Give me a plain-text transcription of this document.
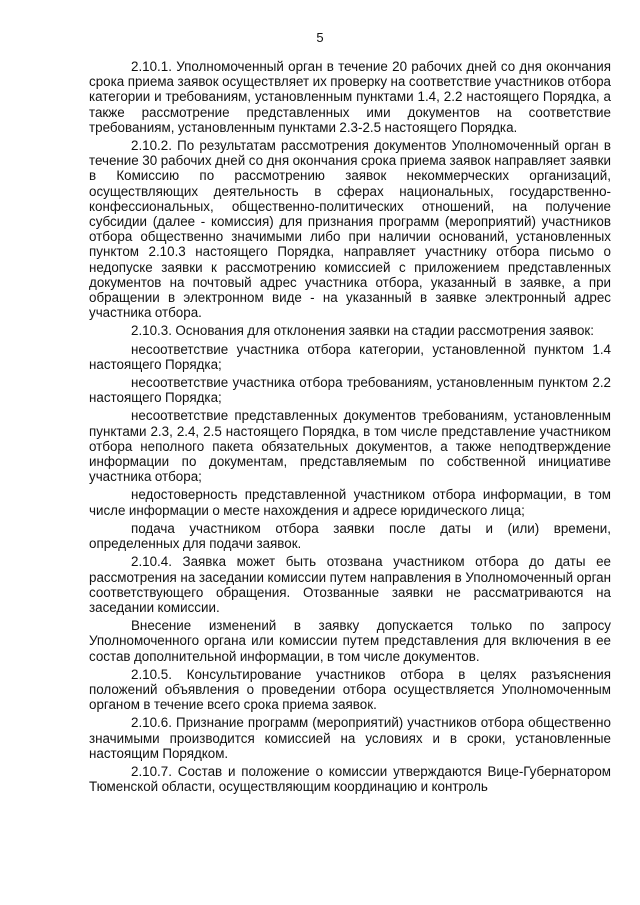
5

2.10.1. Уполномоченный орган в течение 20 рабочих дней со дня окончания срока приема заявок осуществляет их проверку на соответствие участников отбора категории и требованиям, установленным пунктами 1.4, 2.2 настоящего Порядка, а также рассмотрение представленных ими документов на соответствие требованиям, установленным пунктами 2.3-2.5 настоящего Порядка.

2.10.2. По результатам рассмотрения документов Уполномоченный орган в течение 30 рабочих дней со дня окончания срока приема заявок направляет заявки в Комиссию по рассмотрению заявок некоммерческих организаций, осуществляющих деятельность в сферах национальных, государственно-конфессиональных, общественно-политических отношений, на получение субсидии (далее - комиссия) для признания программ (мероприятий) участников отбора общественно значимыми либо при наличии оснований, установленных пунктом 2.10.3 настоящего Порядка, направляет участнику отбора письмо о недопуске заявки к рассмотрению комиссией с приложением представленных документов на почтовый адрес участника отбора, указанный в заявке, а при обращении в электронном виде - на указанный в заявке электронный адрес участника отбора.

2.10.3. Основания для отклонения заявки на стадии рассмотрения заявок:

несоответствие участника отбора категории, установленной пунктом 1.4 настоящего Порядка;

несоответствие участника отбора требованиям, установленным пунктом 2.2 настоящего Порядка;

несоответствие представленных документов требованиям, установленным пунктами 2.3, 2.4, 2.5 настоящего Порядка, в том числе представление участником отбора неполного пакета обязательных документов, а также неподтверждение информации по документам, представляемым по собственной инициативе участника отбора;

недостоверность представленной участником отбора информации, в том числе информации о месте нахождения и адресе юридического лица;

подача участником отбора заявки после даты и (или) времени, определенных для подачи заявок.

2.10.4. Заявка может быть отозвана участником отбора до даты ее рассмотрения на заседании комиссии путем направления в Уполномоченный орган соответствующего обращения. Отозванные заявки не рассматриваются на заседании комиссии.

Внесение изменений в заявку допускается только по запросу Уполномоченного органа или комиссии путем представления для включения в ее состав дополнительной информации, в том числе документов.

2.10.5. Консультирование участников отбора в целях разъяснения положений объявления о проведении отбора осуществляется Уполномоченным органом в течение всего срока приема заявок.

2.10.6. Признание программ (мероприятий) участников отбора общественно значимыми производится комиссией на условиях и в сроки, установленные настоящим Порядком.

2.10.7. Состав и положение о комиссии утверждаются Вице-Губернатором Тюменской области, осуществляющим координацию и контроль
